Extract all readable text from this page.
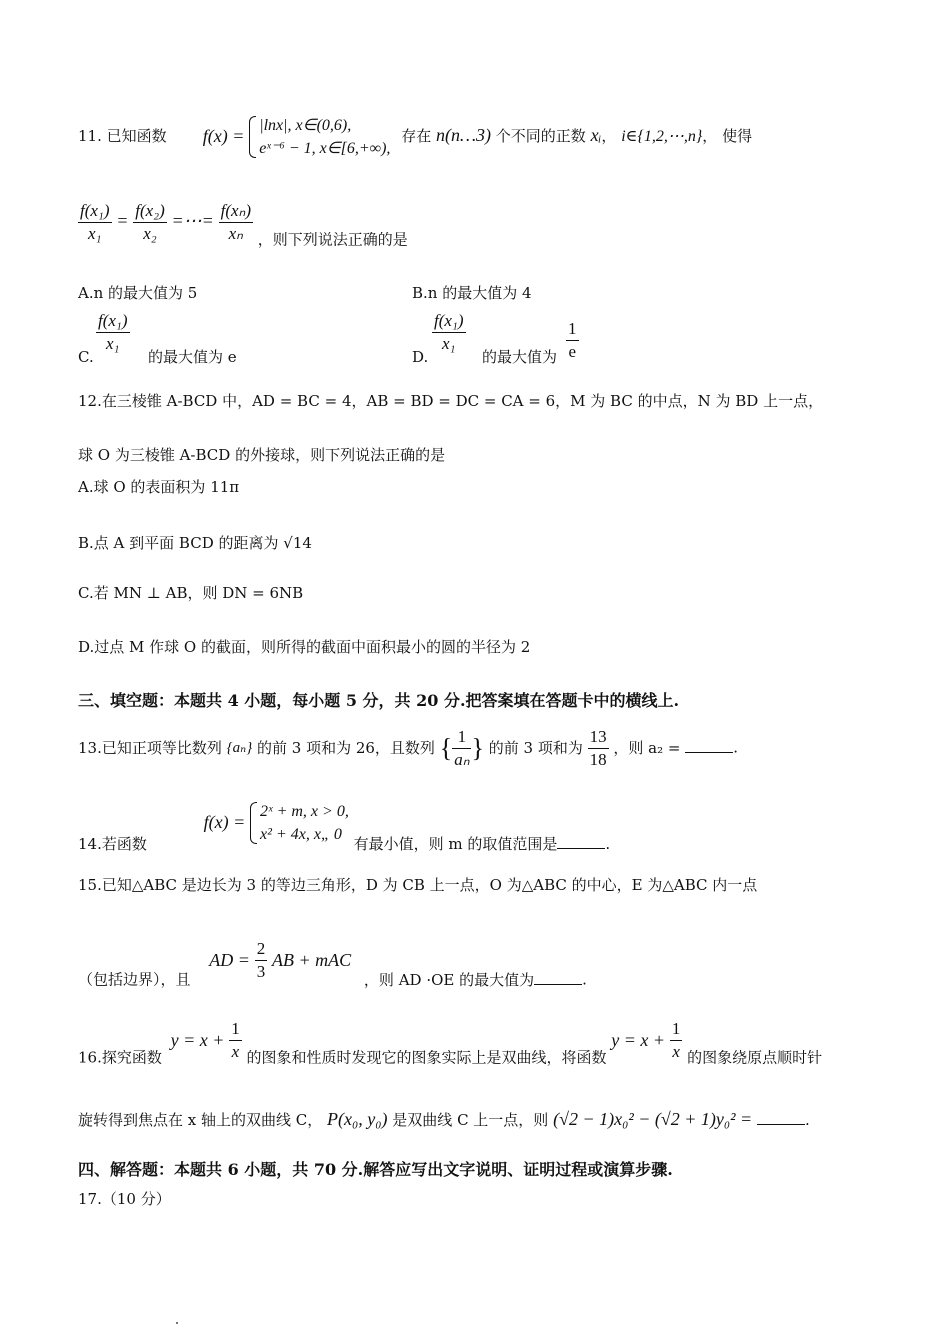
11. 已知函数 f(x) =
|lnx|, x∈(0,6),
eˣ⁻⁶ − 1, x∈[6,+∞),
存在 n(n…3) 个不同的正数 xᵢ， i∈{1,2,⋯,n}， 使得
$\frac{\text{f(x₁)}}{\text{x₁}} = \frac{\text{f(x₂)}}{\text{x₂}}$ =⋯= $\frac{\text{f(xₙ)}}{\text{xₙ}}$ ，则下列说法正确的是
A.n 的最大值为 5	B.n 的最大值为 4
C.
$\frac{\text{f(x₁)}}{\text{x₁}}$
的最大值为 e	D.
$\frac{\text{f(x₁)}}{\text{x₁}}$
的最大值为 $\frac{1}{e}$
12.在三棱锥 A‑BCD 中，AD = BC = 4，AB = BD = DC = CA = 6，M 为 BC 的中点，N 为 BD 上一点，
球 O 为三棱锥 A‑BCD 的外接球，则下列说法正确的是
A.球 O 的表面积为 11π
B.点 A 到平面 BCD 的距离为 √14
C.若 MN ⊥ AB，则 DN = 6NB
D.过点 M 作球 O 的截面，则所得的截面中面积最小的圆的半径为 2
三、填空题：本题共 4 小题，每小题 5 分，共 20 分.把答案填在答题卡中的横线上.
13.已知正项等比数列 {aₙ} 的前 3 项和为 26，且数列 { $\frac{1}{\text{aₙ}}$ } 的前 3 项和为 $\frac{13}{18}$ ，则 a₂ =	.
14.若函数 f(x) =
2ˣ + m, x > 0,
x² + 4x, x„ 0
有最小值，则 m 的取值范围是	.
15.已知△ABC 是边长为 3 的等边三角形，D 为 CB 上一点，O 为△ABC 的中心，E 为△ABC 内一点
（包括边界），且 AD = $\frac{2}{3}$ AB + mAC ，则 AD ·OE 的最大值为	.
16.探究函数 $y = x + \frac{1}{x}$ 的图象和性质时发现它的图象实际上是双曲线，将函数 $y = x + \frac{1}{x}$ 的图象绕原点顺时针
旋转得到焦点在 x 轴上的双曲线 C， P(x₀, y₀) 是双曲线 C 上一点，则 (√2 − 1)x₀² − (√2 + 1)y₀² =	.
四、解答题：本题共 6 小题，共 70 分.解答应写出文字说明、证明过程或演算步骤.
17.（10 分）
